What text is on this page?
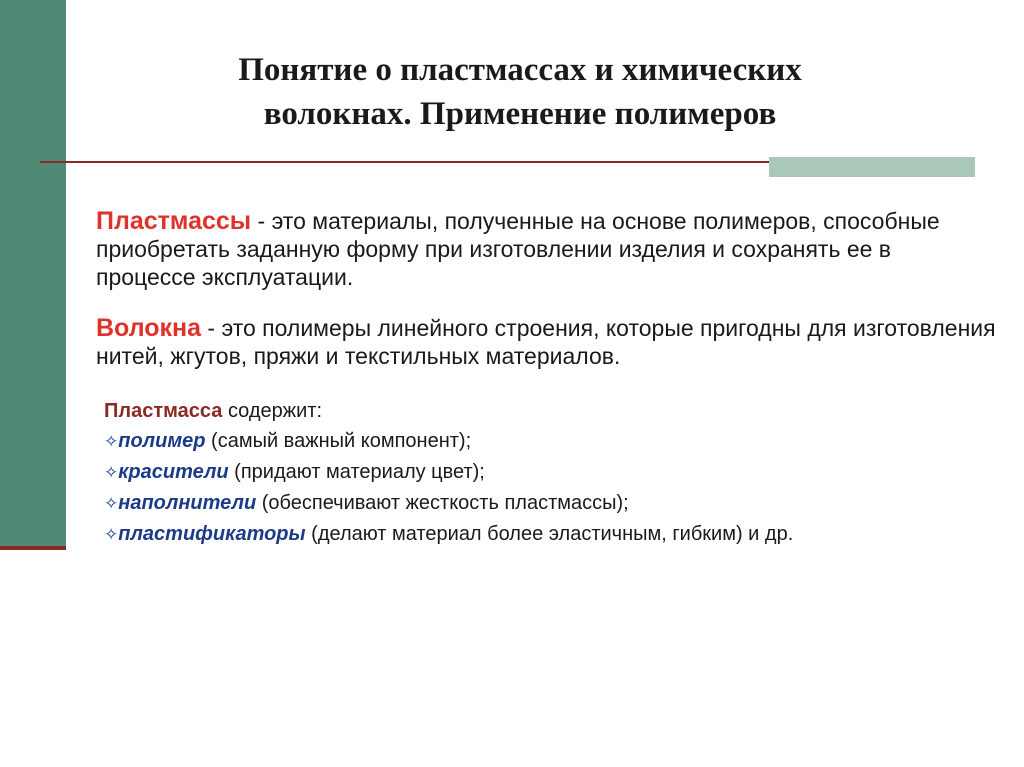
Понятие о пластмассах и химических
волокнах. Применение полимеров
Пластмассы - это материалы, полученные на основе полимеров, способные приобретать заданную форму при изготовлении изделия и сохранять ее в процессе эксплуатации.
Волокна - это полимеры линейного строения, которые пригодны для изготовления нитей, жгутов, пряжи и текстильных материалов.
Пластмасса содержит:
✧полимер (самый важный компонент);
✧красители (придают материалу цвет);
✧наполнители (обеспечивают жесткость пластмассы);
✧пластификаторы (делают материал более эластичным, гибким) и др.
